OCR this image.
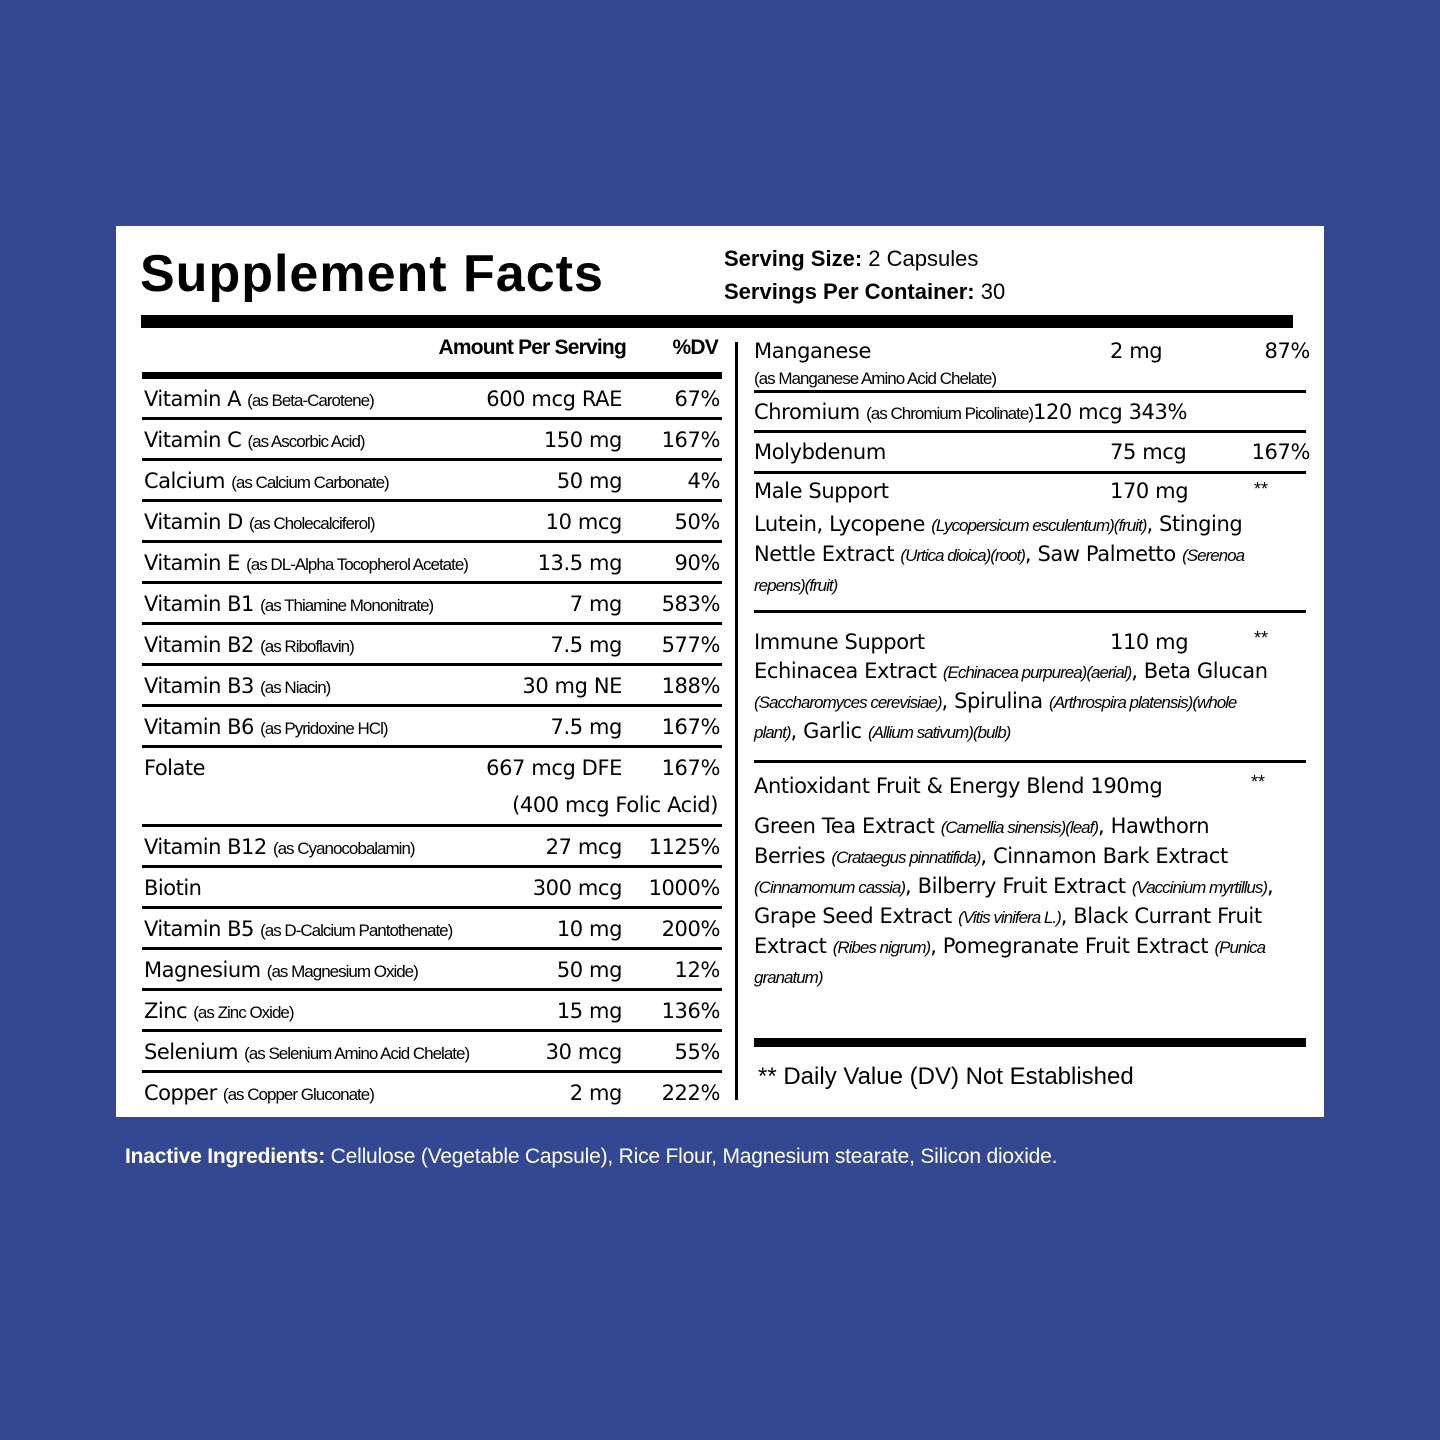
Supplement Facts	Serving Size: 2 Capsules
Servings Per Container: 30
Amount Per Serving %DV
Vitamin A (as Beta-Carotene)	600 mcg RAE	67%
Vitamin C (as Ascorbic Acid)	150 mg 167%
Calcium (as Calcium Carbonate)	50 mg	4%
Vitamin D (as Cholecalciferol)	10 mcg	50%
Vitamin E (as DL-Alpha Tocopherol Acetate)	13.5 mg	90%
Vitamin B1 (as Thiamine Mononitrate)	7 mg 583%
Vitamin B2 (as Riboflavin)	7.5 mg 577%
Vitamin B3 (as Niacin)	30 mg NE 188%
Vitamin B6 (as Pyridoxine HCl)	7.5 mg 167%
Folate	667 mcg DFE 167%
(400 mcg Folic Acid)
Vitamin B12 (as Cyanocobalamin)	27 mcg 1125%
Biotin	300 mcg 1000%
Vitamin B5 (as D-Calcium Pantothenate)	10 mg 200%
Magnesium (as Magnesium Oxide)	50 mg	12%
Zinc (as Zinc Oxide)	15 mg 136%
Selenium (as Selenium Amino Acid Chelate)	30 mcg	55%
Copper (as Copper Gluconate)	2 mg 222%
Manganese	2 mg	87%
(as Manganese Amino Acid Chelate)
Chromium (as Chromium Picolinate)120 mcg 343%
Molybdenum	75 mcg	167%
Male Support	170 mg	**
Lutein, Lycopene (Lycopersicum esculentum)(fruit), Stinging Nettle Extract (Urtica dioica)(root), Saw Palmetto (Serenoa repens)(fruit)
Immune Support	110 mg	**
Echinacea Extract (Echinacea purpurea)(aerial), Beta Glucan (Saccharomyces cerevisiae), Spirulina (Arthrospira platensis)(whole plant), Garlic (Allium sativum)(bulb)
Antioxidant Fruit & Energy Blend 190mg	**
Green Tea Extract (Camellia sinensis)(leaf), Hawthorn Berries (Crataegus pinnatifida), Cinnamon Bark Extract (Cinnamomum cassia), Bilberry Fruit Extract (Vaccinium myrtillus), Grape Seed Extract (Vitis vinifera L.), Black Currant Fruit Extract (Ribes nigrum), Pomegranate Fruit Extract (Punica granatum)
** Daily Value (DV) Not Established
Inactive Ingredients: Cellulose (Vegetable Capsule), Rice Flour, Magnesium stearate, Silicon dioxide.
